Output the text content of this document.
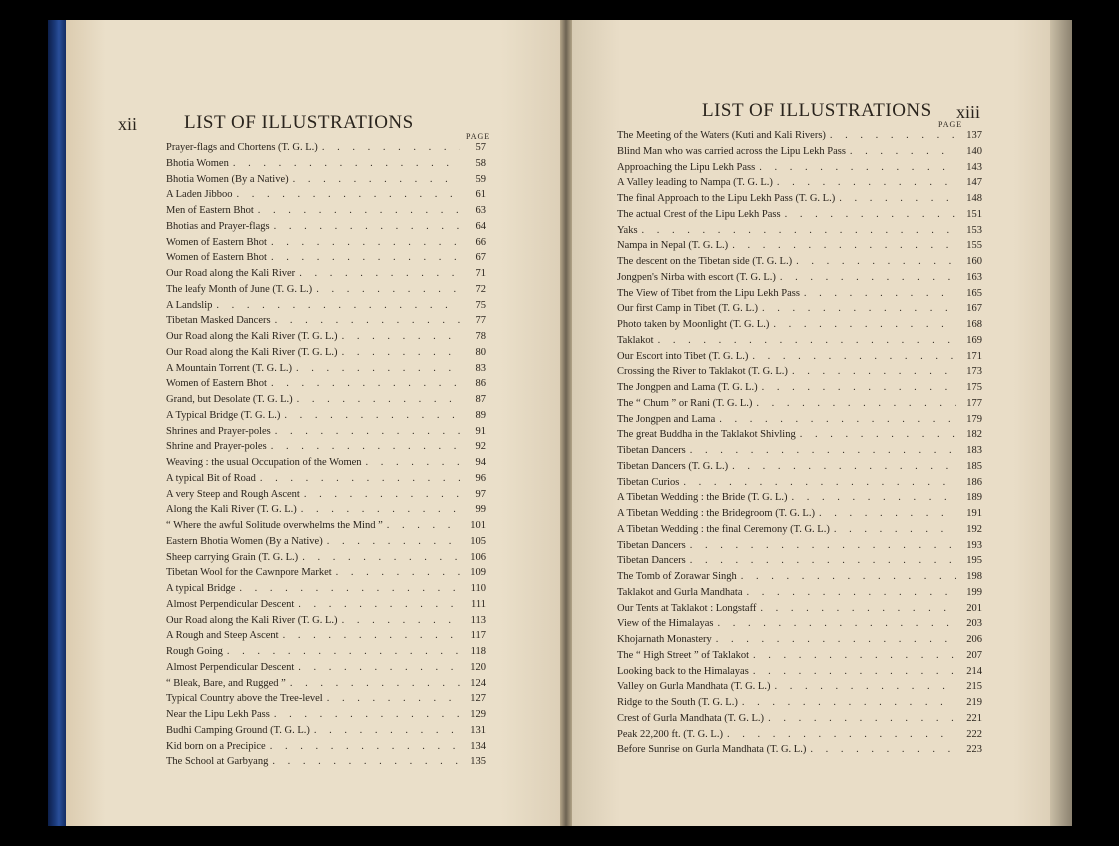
xii LIST OF ILLUSTRATIONS
PAGE
Prayer-flags and Chortens (T. G. L.) . . .	57
Bhotia Women . . .	58
Bhotia Women (By a Native) . . .	59
A Laden Jibboo . . .	61
Men of Eastern Bhot . . .	63
Bhotias and Prayer-flags . . .	64
Women of Eastern Bhot . . .	66
Women of Eastern Bhot . . .	67
Our Road along the Kali River . . .	71
The leafy Month of June (T. G. L.) . . .	72
A Landslip . . .	75
Tibetan Masked Dancers . . .	77
Our Road along the Kali River (T. G. L.) . . .	78
Our Road along the Kali River (T. G. L.) . . .	80
A Mountain Torrent (T. G. L.) . . .	83
Women of Eastern Bhot . . .	86
Grand, but Desolate (T. G. L.) . . .	87
A Typical Bridge (T. G. L.) . . .	89
Shrines and Prayer-poles . . .	91
Shrine and Prayer-poles . . .	92
Weaving : the usual Occupation of the Women . . .	94
A typical Bit of Road . . .	96
A very Steep and Rough Ascent . . .	97
Along the Kali River (T. G. L.) . . .	99
“ Where the awful Solitude overwhelms the Mind ” . . .	101
Eastern Bhotia Women (By a Native) . . .	105
Sheep carrying Grain (T. G. L.) . . .	106
Tibetan Wool for the Cawnpore Market . . .	109
A typical Bridge . . .	110
Almost Perpendicular Descent . . .	111
Our Road along the Kali River (T. G. L.) . . .	113
A Rough and Steep Ascent . . .	117
Rough Going . . .	118
Almost Perpendicular Descent . . .	120
“ Bleak, Bare, and Rugged ” . . .	124
Typical Country above the Tree-level . . .	127
Near the Lipu Lekh Pass . . .	129
Budhi Camping Ground (T. G. L.) . . .	131
Kid born on a Precipice . . .	134
The School at Garbyang . . .	135
LIST OF ILLUSTRATIONS xiii
PAGE
The Meeting of the Waters (Kuti and Kali Rivers) . . .	137
Blind Man who was carried across the Lipu Lekh Pass . . .	140
Approaching the Lipu Lekh Pass . . .	143
A Valley leading to Nampa (T. G. L.) . . .	147
The final Approach to the Lipu Lekh Pass (T. G. L.) . . .	148
The actual Crest of the Lipu Lekh Pass . . .	151
Yaks . . .	153
Nampa in Nepal (T. G. L.) . . .	155
The descent on the Tibetan side (T. G. L.) . . .	160
Jongpen's Nirba with escort (T. G. L.) . . .	163
The View of Tibet from the Lipu Lekh Pass . . .	165
Our first Camp in Tibet (T. G. L.) . . .	167
Photo taken by Moonlight (T. G. L.) . . .	168
Taklakot . . .	169
Our Escort into Tibet (T. G. L.) . . .	171
Crossing the River to Taklakot (T. G. L.) . . .	173
The Jongpen and Lama (T. G. L.) . . .	175
The “ Chum ” or Rani (T. G. L.) . . .	177
The Jongpen and Lama . . .	179
The great Buddha in the Taklakot Shivling . . .	182
Tibetan Dancers . . .	183
Tibetan Dancers (T. G. L.) . . .	185
Tibetan Curios . . .	186
A Tibetan Wedding : the Bride (T. G. L.) . . .	189
A Tibetan Wedding : the Bridegroom (T. G. L.) . . .	191
A Tibetan Wedding : the final Ceremony (T. G. L.) . . .	192
Tibetan Dancers . . .	193
Tibetan Dancers . . .	195
The Tomb of Zorawar Singh . . .	198
Taklakot and Gurla Mandhata . . .	199
Our Tents at Taklakot : Longstaff . . .	201
View of the Himalayas . . .	203
Khojarnath Monastery . . .	206
The “ High Street ” of Taklakot . . .	207
Looking back to the Himalayas . . .	214
Valley on Gurla Mandhata (T. G. L.) . . .	215
Ridge to the South (T. G. L.) . . .	219
Crest of Gurla Mandhata (T. G. L.) . . .	221
Peak 22,200 ft. (T. G. L.) . . .	222
Before Sunrise on Gurla Mandhata (T. G. L.) . . .	223
